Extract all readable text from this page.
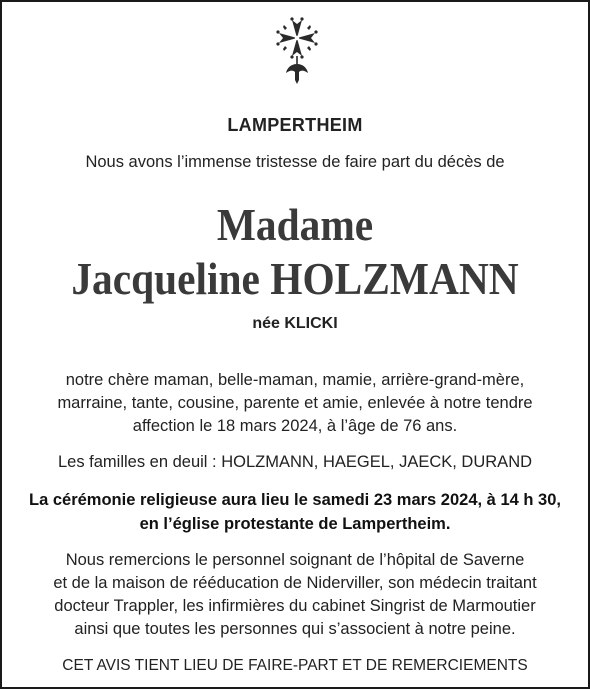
LAMPERTHEIM
Nous avons l’immense tristesse de faire part du décès de
Madame
Jacqueline HOLZMANN
née KLICKI
notre chère maman, belle-maman, mamie, arrière-grand-mère,
marraine, tante, cousine, parente et amie, enlevée à notre tendre
affection le 18 mars 2024, à l’âge de 76 ans.
Les familles en deuil : HOLZMANN, HAEGEL, JAECK, DURAND
La cérémonie religieuse aura lieu le samedi 23 mars 2024, à 14 h 30,
en l’église protestante de Lampertheim.
Nous remercions le personnel soignant de l’hôpital de Saverne
et de la maison de rééducation de Niderviller, son médecin traitant
docteur Trappler, les infirmières du cabinet Singrist de Marmoutier
ainsi que toutes les personnes qui s’associent à notre peine.
CET AVIS TIENT LIEU DE FAIRE-PART ET DE REMERCIEMENTS
